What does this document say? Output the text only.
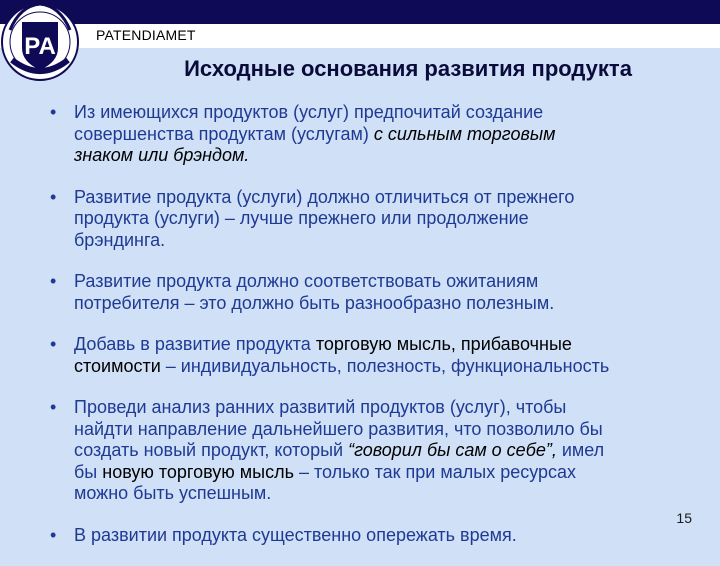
PATENDIAMET
PA
Исходные основания развития продукта
• Из имеющихся продуктов (услуг) предпочитай создание
совершенства продуктам (услугам) с сильным торговым
знаком или брэндом.
• Развитие продукта (услуги) должно отличиться от прежнего
продукта (услуги) – лучше прежнего или продолжение
брэндинга.
• Развитие продукта должно соответствовать ожитаниям
потребителя – это должно быть разнообразно полезным.
• Добавь в развитие продукта торговую мысль, прибавочные
стоимости – индивидуальность, полезность, функциональность
• Проведи анализ ранних развитий продуктов (услуг), чтобы
найдти направление дальнейшего развития, что позволило бы
создать новый продукт, который “говорил бы сам о себе”, имел
бы новую торговую мысль – только так при малых ресурсах
можно быть успешным.
• В развитии продукта существенно опережать время.
15
